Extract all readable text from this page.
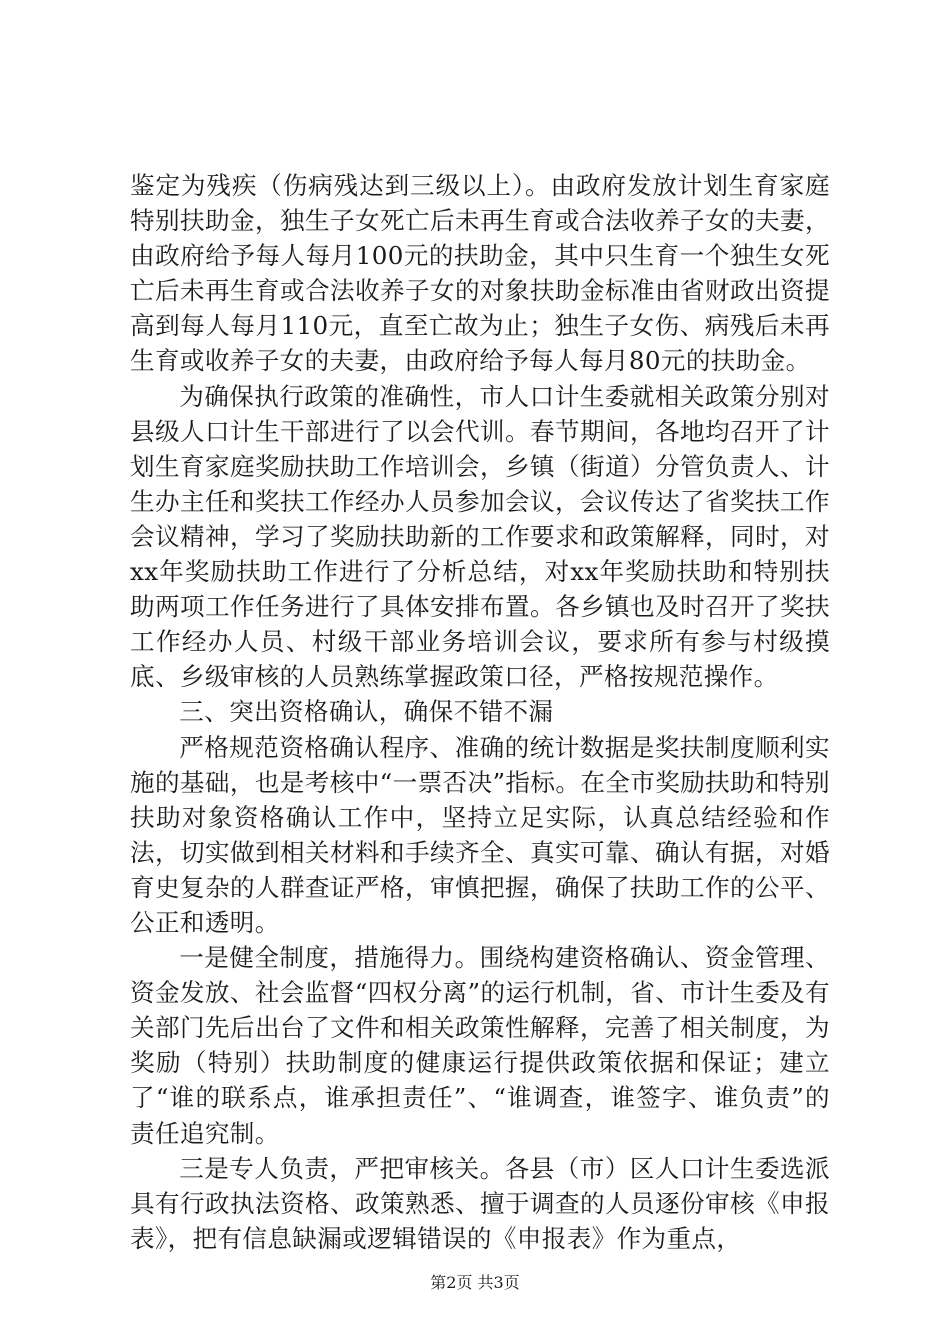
鉴定为残疾（伤病残达到三级以上）。由政府发放计划生育家庭特别扶助金，独生子女死亡后未再生育或合法收养子女的夫妻，由政府给予每人每月100元的扶助金，其中只生育一个独生女死亡后未再生育或合法收养子女的对象扶助金标准由省财政出资提高到每人每月110元，直至亡故为止；独生子女伤、病残后未再生育或收养子女的夫妻，由政府给予每人每月80元的扶助金。

为确保执行政策的准确性，市人口计生委就相关政策分别对县级人口计生干部进行了以会代训。春节期间，各地均召开了计划生育家庭奖励扶助工作培训会，乡镇（街道）分管负责人、计生办主任和奖扶工作经办人员参加会议，会议传达了省奖扶工作会议精神，学习了奖励扶助新的工作要求和政策解释，同时，对xx年奖励扶助工作进行了分析总结，对xx年奖励扶助和特别扶助两项工作任务进行了具体安排布置。各乡镇也及时召开了奖扶工作经办人员、村级干部业务培训会议，要求所有参与村级摸底、乡级审核的人员熟练掌握政策口径，严格按规范操作。

三、突出资格确认，确保不错不漏

严格规范资格确认程序、准确的统计数据是奖扶制度顺利实施的基础，也是考核中“一票否决”指标。在全市奖励扶助和特别扶助对象资格确认工作中，坚持立足实际，认真总结经验和作法，切实做到相关材料和手续齐全、真实可靠、确认有据，对婚育史复杂的人群查证严格，审慎把握，确保了扶助工作的公平、公正和透明。

一是健全制度，措施得力。围绕构建资格确认、资金管理、资金发放、社会监督“四权分离”的运行机制，省、市计生委及有关部门先后出台了文件和相关政策性解释，完善了相关制度，为奖励（特别）扶助制度的健康运行提供政策依据和保证；建立了“谁的联系点，谁承担责任”、“谁调查，谁签字、谁负责”的责任追究制。

三是专人负责，严把审核关。各县（市）区人口计生委选派具有行政执法资格、政策熟悉、擅于调查的人员逐份审核《申报表》，把有信息缺漏或逻辑错误的《申报表》作为重点，

第2页 共3页
